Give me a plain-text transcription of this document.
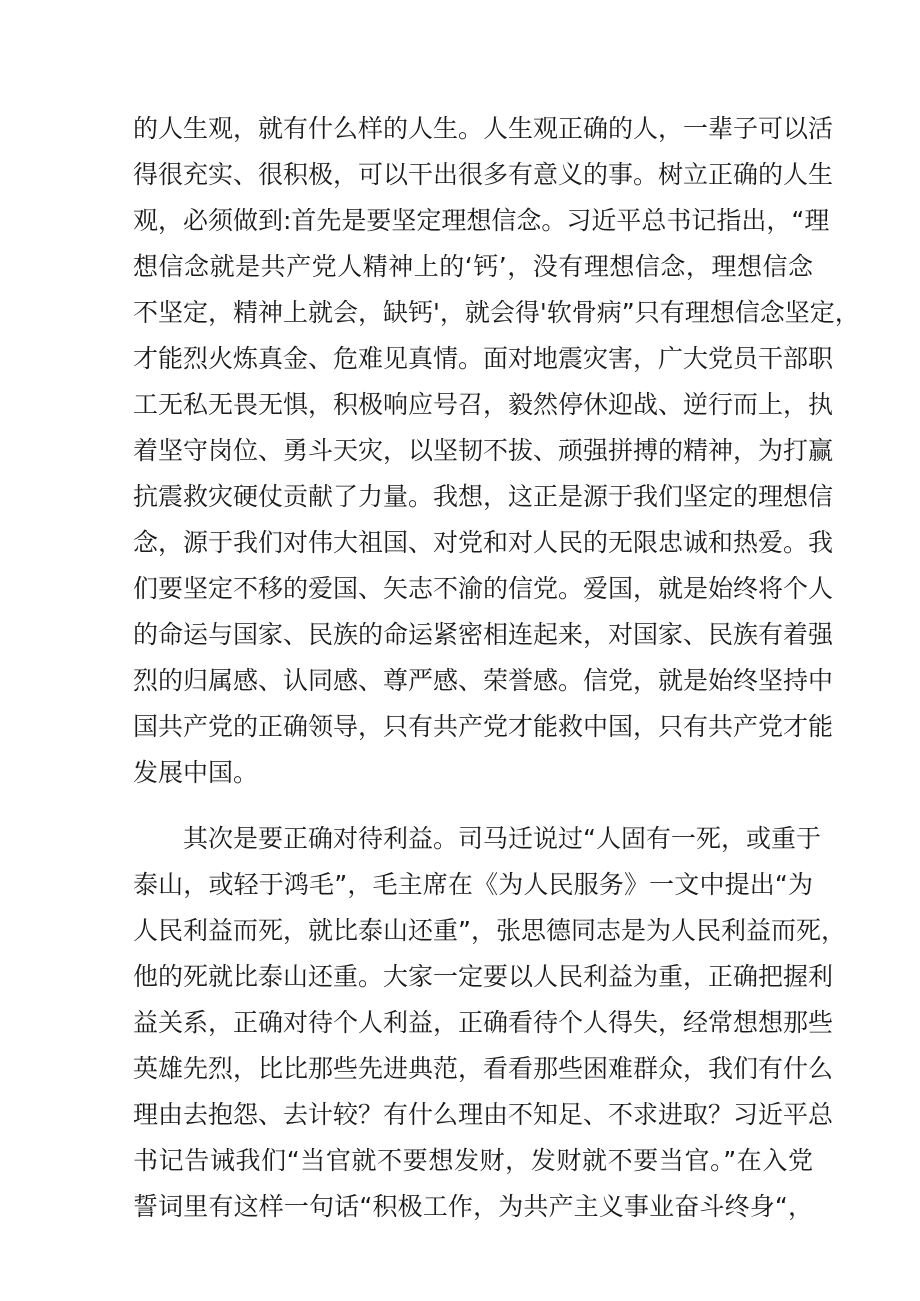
的人生观，就有什么样的人生。人生观正确的人，一辈子可以活
得很充实、很积极，可以干出很多有意义的事。树立正确的人生
观，必须做到:首先是要坚定理想信念。习近平总书记指出，“理
想信念就是共产党人精神上的‘钙’，没有理想信念，理想信念
不坚定，精神上就会，缺钙'，就会得'软骨病”只有理想信念坚定，
才能烈火炼真金、危难见真情。面对地震灾害，广大党员干部职
工无私无畏无惧，积极响应号召，毅然停休迎战、逆行而上，执
着坚守岗位、勇斗天灾，以坚韧不拔、顽强拼搏的精神，为打赢
抗震救灾硬仗贡献了力量。我想，这正是源于我们坚定的理想信
念，源于我们对伟大祖国、对党和对人民的无限忠诚和热爱。我
们要坚定不移的爱国、矢志不渝的信党。爱国，就是始终将个人
的命运与国家、民族的命运紧密相连起来，对国家、民族有着强
烈的归属感、认同感、尊严感、荣誉感。信党，就是始终坚持中
国共产党的正确领导，只有共产党才能救中国，只有共产党才能
发展中国。
其次是要正确对待利益。司马迁说过“人固有一死，或重于
泰山，或轻于鸿毛”，毛主席在《为人民服务》一文中提出“为
人民利益而死，就比泰山还重”，张思德同志是为人民利益而死，
他的死就比泰山还重。大家一定要以人民利益为重，正确把握利
益关系，正确对待个人利益，正确看待个人得失，经常想想那些
英雄先烈，比比那些先进典范，看看那些困难群众，我们有什么
理由去抱怨、去计较？有什么理由不知足、不求进取？习近平总
书记告诫我们“当官就不要想发财，发财就不要当官。”在入党
誓词里有这样一句话“积极工作，为共产主义事业奋斗终身“，
